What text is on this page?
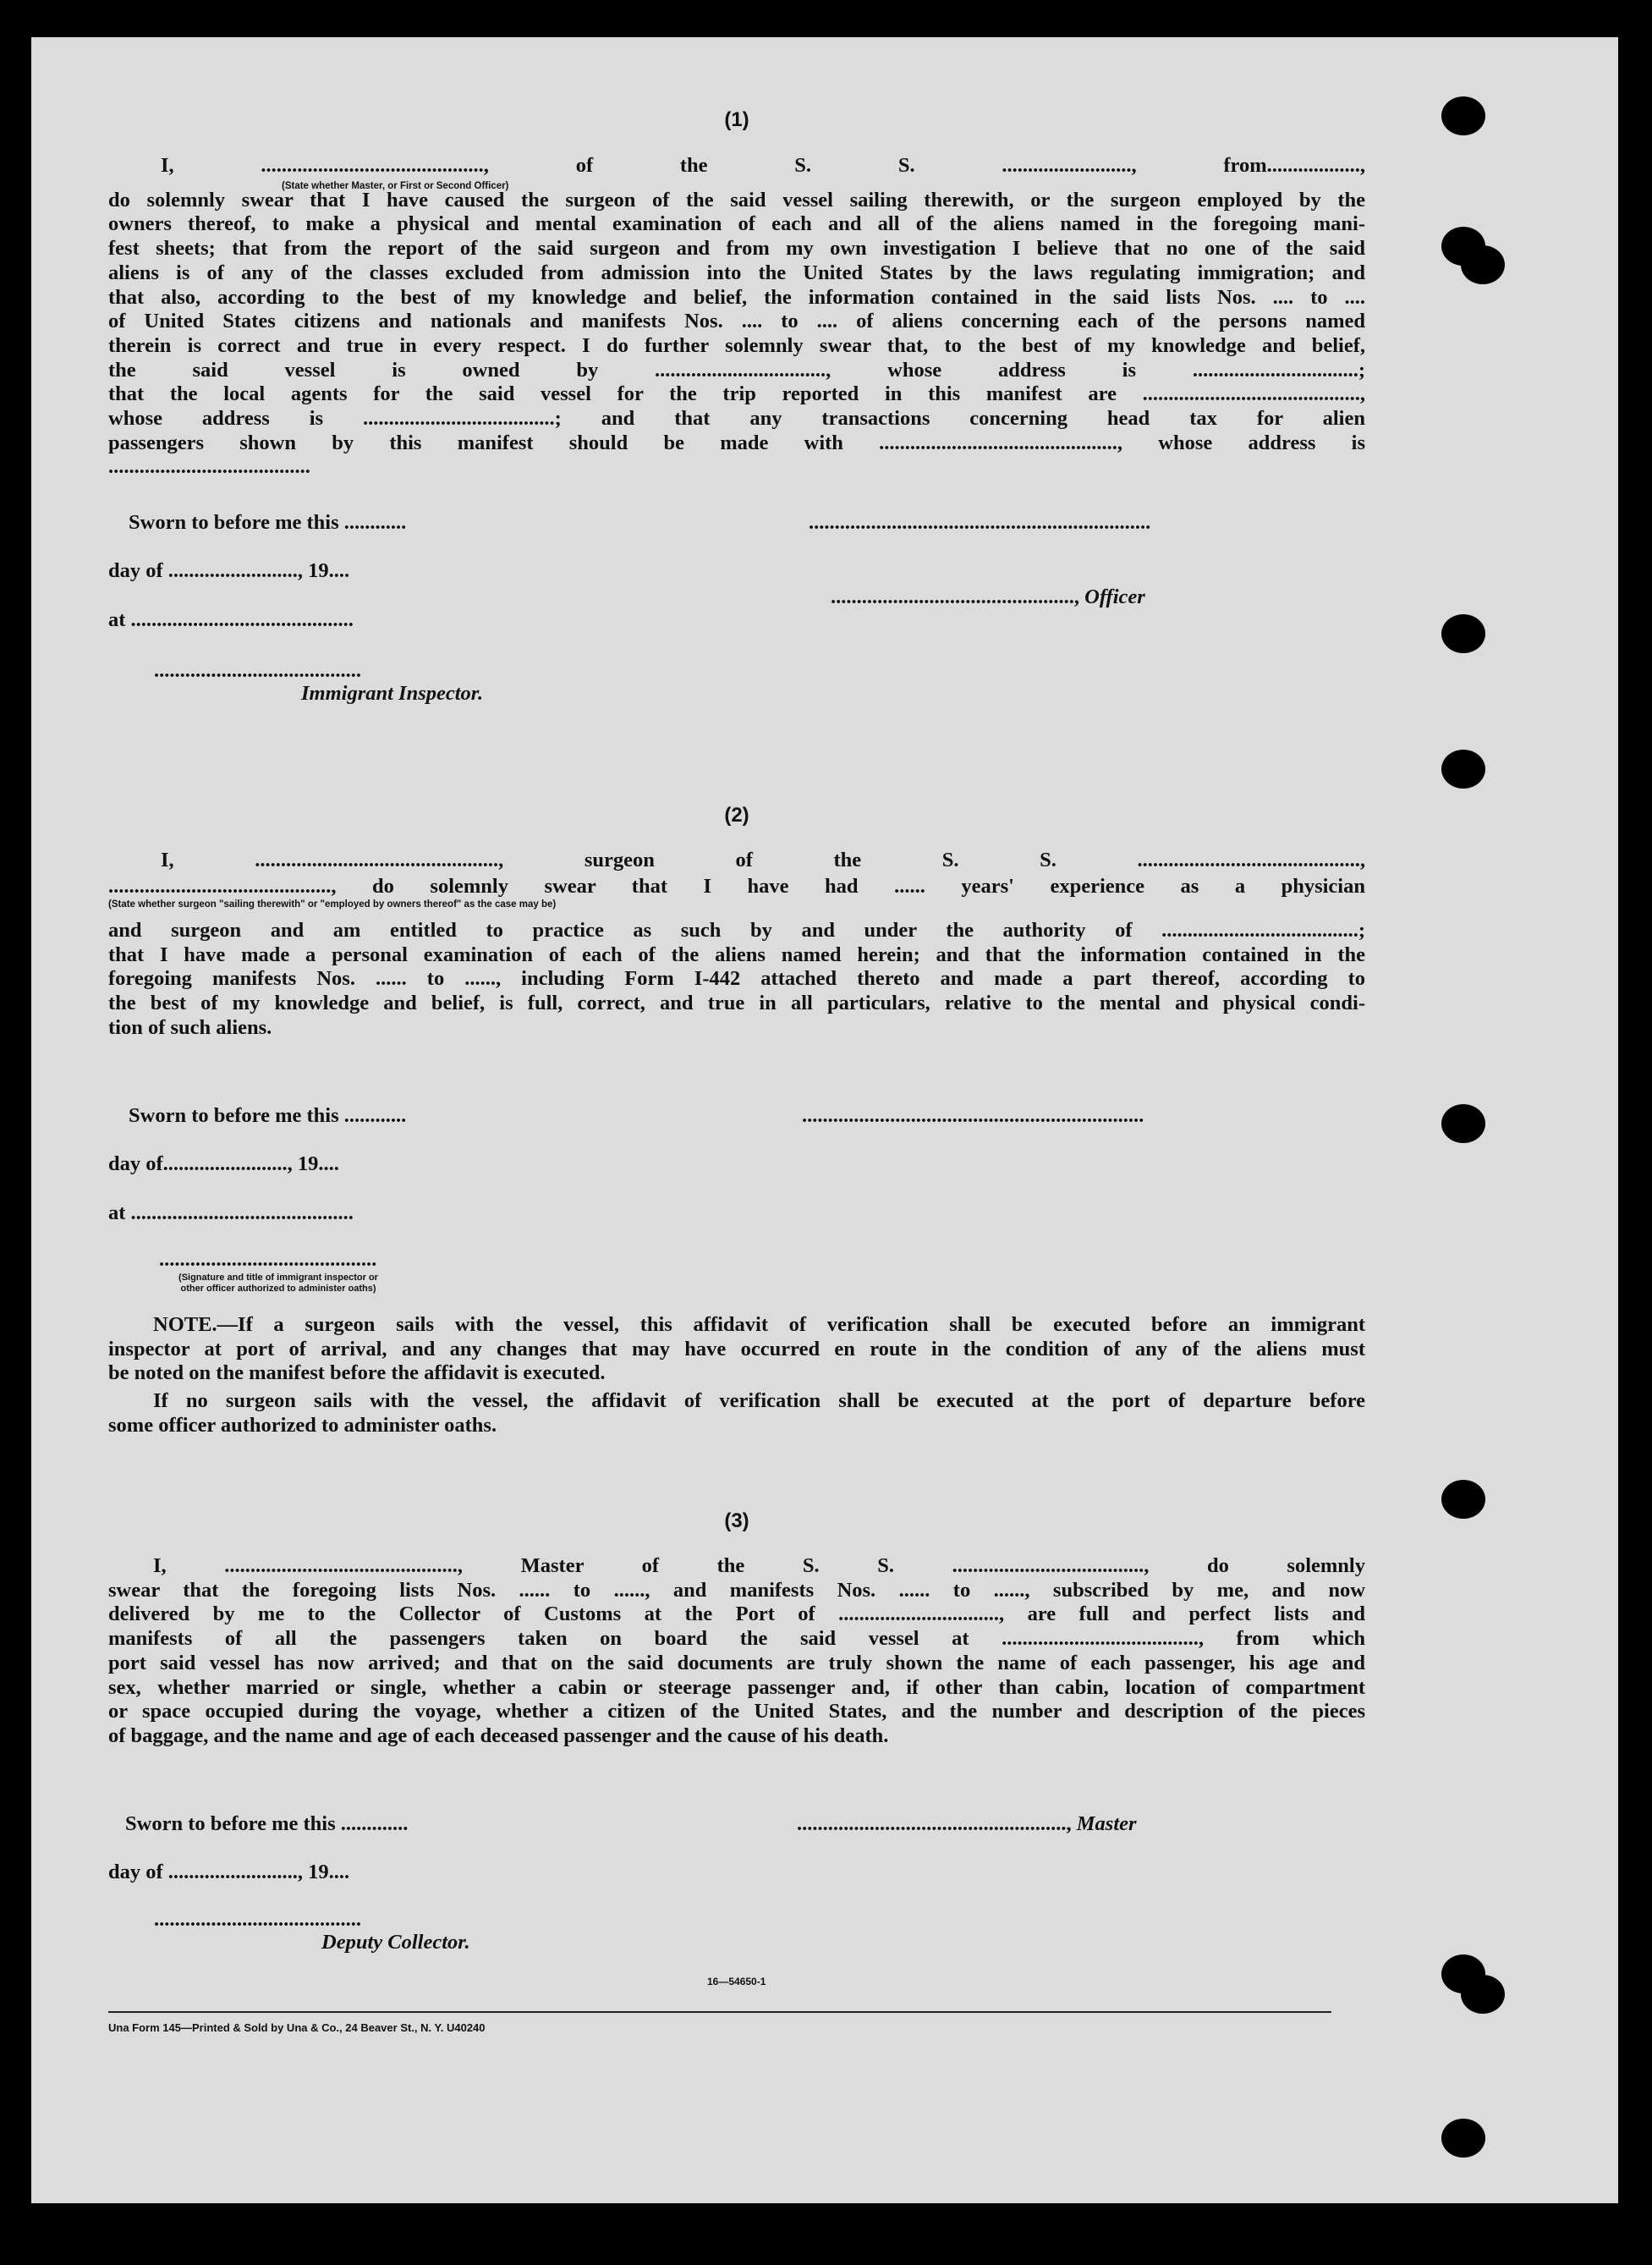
(1)
I, ..........................................., of the S. S. ........................., from..................,
do solemnly swear that I have caused the surgeon of the said vessel sailing therewith, or the surgeon employed by the
owners thereof, to make a physical and mental examination of each and all of the aliens named in the foregoing mani-
fest sheets; that from the report of the said surgeon and from my own investigation I believe that no one of the said
aliens is of any of the classes excluded from admission into the United States by the laws regulating immigration; and
that also, according to the best of my knowledge and belief, the information contained in the said lists Nos. .... to ....
of United States citizens and nationals and manifests Nos. .... to .... of aliens concerning each of the persons named
therein is correct and true in every respect. I do further solemnly swear that, to the best of my knowledge and belief,
the said vessel is owned by ................................., whose address is ................................;
that the local agents for the said vessel for the trip reported in this manifest are ..........................................,
whose address is .....................................; and that any transactions concerning head tax for alien
passengers shown by this manifest should be made with .............................................., whose address is
.......................................
(State whether Master, or First or Second Officer)
Sworn to before me this ............	..................................................................
day of ........................., 19....
..............................................., Officer
at ...........................................
........................................
Immigrant Inspector.
(2)
I, ..............................................., surgeon of the S. S. ...........................................,
..........................................., do solemnly swear that I have had ...... years' experience as a physician
(State whether surgeon "sailing therewith" or "employed by owners thereof" as the case may be)
and surgeon and am entitled to practice as such by and under the authority of ......................................;
that I have made a personal examination of each of the aliens named herein; and that the information contained in the
foregoing manifests Nos. ...... to ......, including Form I-442 attached thereto and made a part thereof, according to
the best of my knowledge and belief, is full, correct, and true in all particulars, relative to the mental and physical condi-
tion of such aliens.
Sworn to before me this ............	..................................................................
day of........................, 19....
at ...........................................
..........................................
(Signature and title of immigrant inspector or
other officer authorized to administer oaths)
NOTE.—If a surgeon sails with the vessel, this affidavit of verification shall be executed before an immigrant
inspector at port of arrival, and any changes that may have occurred en route in the condition of any of the aliens must
be noted on the manifest before the affidavit is executed.
If no surgeon sails with the vessel, the affidavit of verification shall be executed at the port of departure before
some officer authorized to administer oaths.
(3)
I, ............................................., Master of the S. S. ....................................., do solemnly
swear that the foregoing lists Nos. ...... to ......, and manifests Nos. ...... to ......, subscribed by me, and now
delivered by me to the Collector of Customs at the Port of ..............................., are full and perfect lists and
manifests of all the passengers taken on board the said vessel at ......................................, from which
port said vessel has now arrived; and that on the said documents are truly shown the name of each passenger, his age and
sex, whether married or single, whether a cabin or steerage passenger and, if other than cabin, location of compartment
or space occupied during the voyage, whether a citizen of the United States, and the number and description of the pieces
of baggage, and the name and age of each deceased passenger and the cause of his death.
Sworn to before me this .............	...................................................., Master
day of ........................., 19....
........................................
Deputy Collector.
16—54650-1
Una Form 145—Printed & Sold by Una & Co., 24 Beaver St., N. Y. U40240
